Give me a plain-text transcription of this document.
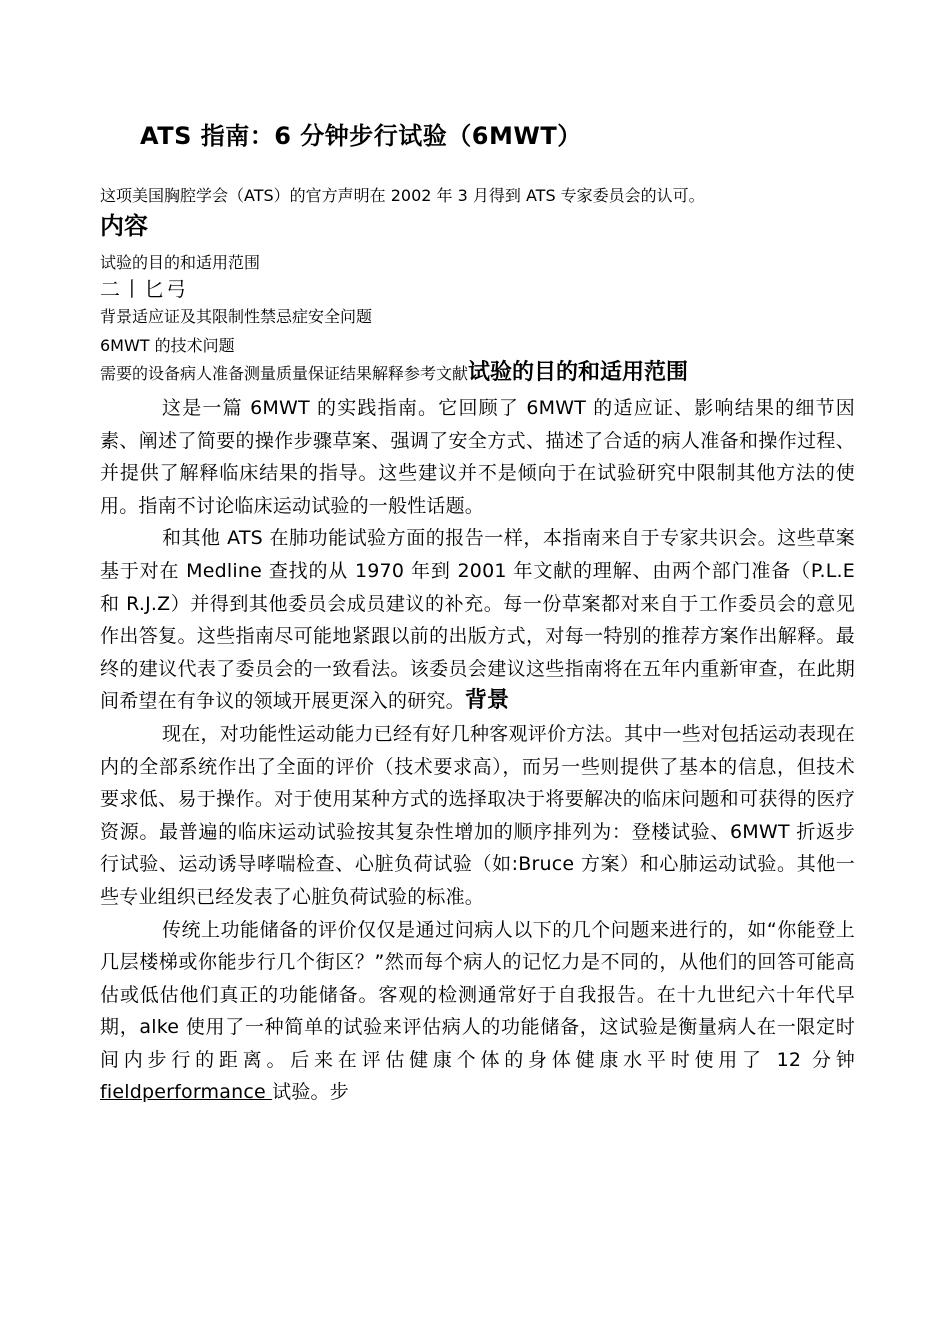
ATS 指南：6 分钟步行试验（6MWT）
这项美国胸腔学会（ATS）的官方声明在 2002 年 3 月得到 ATS 专家委员会的认可。
内容
试验的目的和适用范围
二丨匕弓
背景适应证及其限制性禁忌症安全问题
6MWT 的技术问题
需要的设备病人准备测量质量保证结果解释参考文献试验的目的和适用范围

这是一篇 6MWT 的实践指南。它回顾了 6MWT 的适应证、影响结果的细节因素、阐述了简要的操作步骤草案、强调了安全方式、描述了合适的病人准备和操作过程、并提供了解释临床结果的指导。这些建议并不是倾向于在试验研究中限制其他方法的使用。指南不讨论临床运动试验的一般性话题。

和其他 ATS 在肺功能试验方面的报告一样，本指南来自于专家共识会。这些草案基于对在 Medline 查找的从 1970 年到 2001 年文献的理解、由两个部门准备（P.L.E 和 R.J.Z）并得到其他委员会成员建议的补充。每一份草案都对来自于工作委员会的意见作出答复。这些指南尽可能地紧跟以前的出版方式，对每一特别的推荐方案作出解释。最终的建议代表了委员会的一致看法。该委员会建议这些指南将在五年内重新审查，在此期间希望在有争议的领域开展更深入的研究。背景

现在，对功能性运动能力已经有好几种客观评价方法。其中一些对包括运动表现在内的全部系统作出了全面的评价（技术要求高），而另一些则提供了基本的信息，但技术要求低、易于操作。对于使用某种方式的选择取决于将要解决的临床问题和可获得的医疗资源。最普遍的临床运动试验按其复杂性增加的顺序排列为：登楼试验、6MWT 折返步行试验、运动诱导哮喘检查、心脏负荷试验（如:Bruce 方案）和心肺运动试验。其他一些专业组织已经发表了心脏负荷试验的标准。

传统上功能储备的评价仅仅是通过问病人以下的几个问题来进行的，如“你能登上几层楼梯或你能步行几个街区？”然而每个病人的记忆力是不同的，从他们的回答可能高估或低估他们真正的功能储备。客观的检测通常好于自我报告。在十九世纪六十年代早期，alke 使用了一种简单的试验来评估病人的功能储备，这试验是衡量病人在一限定时间内步行的距离。后来在评估健康个体的身体健康水平时使用了 12 分钟 fieldperformance 试验。步
